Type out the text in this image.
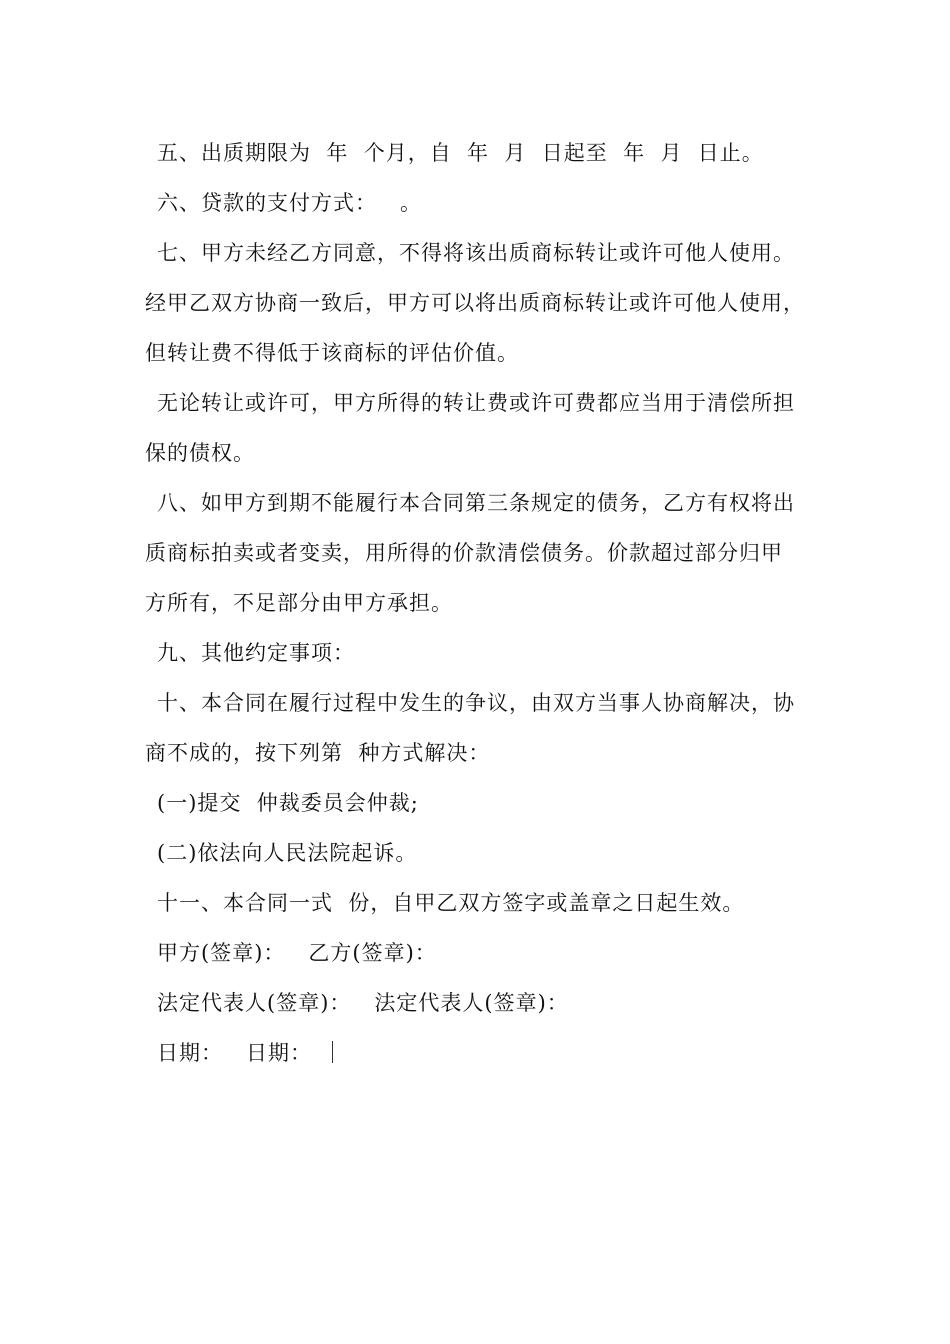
五、出质期限为  年  个月，自  年  月  日起至  年  月  日止。
六、贷款的支付方式：   。
七、甲方未经乙方同意，不得将该出质商标转让或许可他人使用。
经甲乙双方协商一致后，甲方可以将出质商标转让或许可他人使用，
但转让费不得低于该商标的评估价值。
无论转让或许可，甲方所得的转让费或许可费都应当用于清偿所担
保的债权。
八、如甲方到期不能履行本合同第三条规定的债务，乙方有权将出
质商标拍卖或者变卖，用所得的价款清偿债务。价款超过部分归甲
方所有，不足部分由甲方承担。
九、其他约定事项：
十、本合同在履行过程中发生的争议，由双方当事人协商解决，协
商不成的，按下列第  种方式解决：
(一)提交  仲裁委员会仲裁;
(二)依法向人民法院起诉。
十一、本合同一式  份，自甲乙双方签字或盖章之日起生效。
甲方(签章)：   乙方(签章)：
法定代表人(签章)：   法定代表人(签章)：
日期：   日期：
